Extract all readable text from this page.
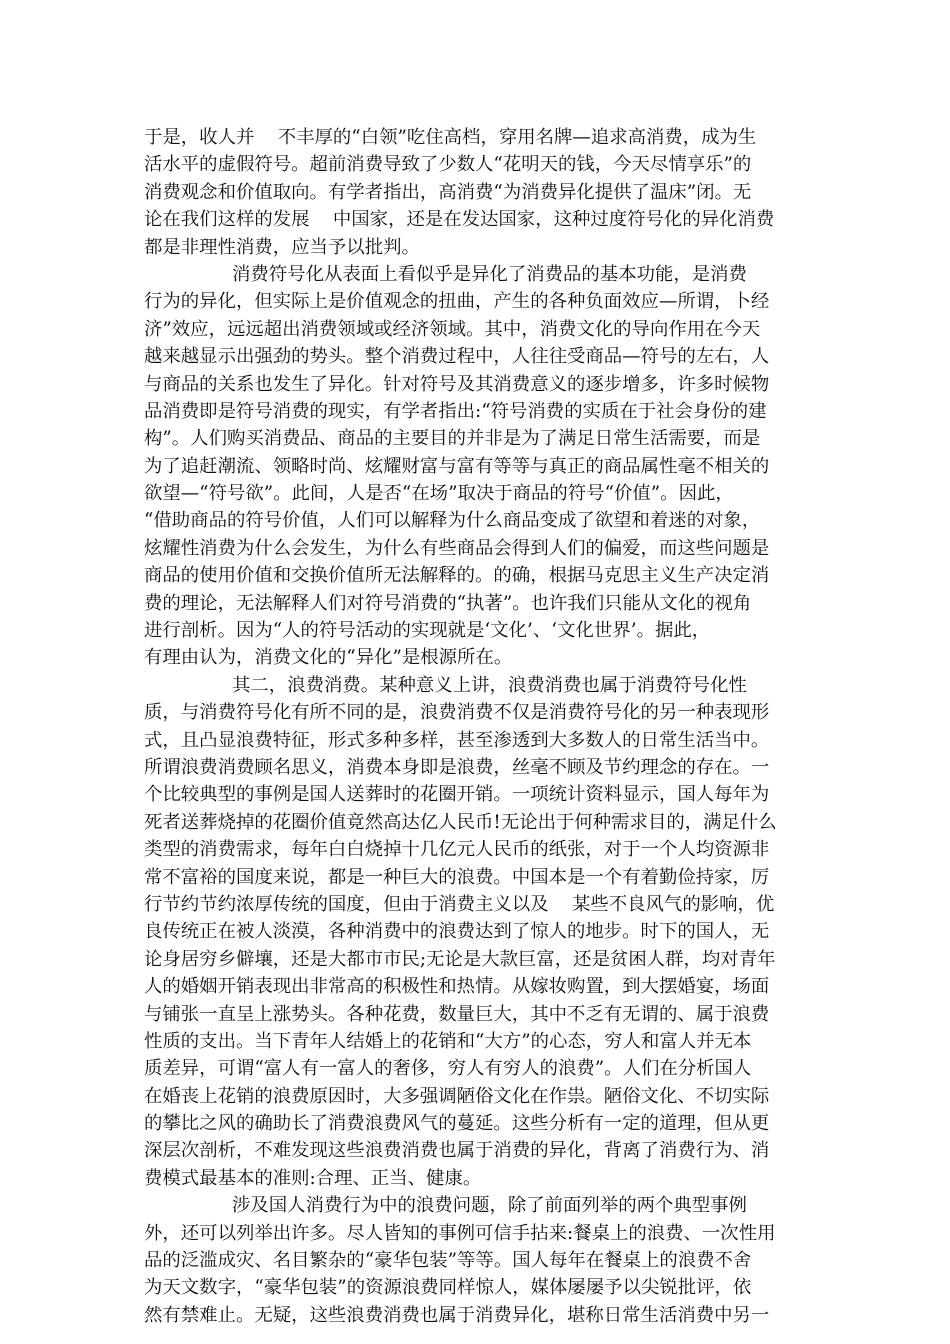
于是，收人并    不丰厚的“白领”吃住高档，穿用名牌—追求高消费，成为生
活水平的虚假符号。超前消费导致了少数人“花明天的钱，今天尽情享乐”的
消费观念和价值取向。有学者指出，高消费“为消费异化提供了温床”闭。无
论在我们这样的发展    中国家，还是在发达国家，这种过度符号化的异化消费
都是非理性消费，应当予以批判。
消费符号化从表面上看似乎是异化了消费品的基本功能，是消费
行为的异化，但实际上是价值观念的扭曲，产生的各种负面效应—所谓，卜经
济”效应，远远超出消费领域或经济领域。其中，消费文化的导向作用在今天
越来越显示出强劲的势头。整个消费过程中，人往往受商品—符号的左右，人
与商品的关系也发生了异化。针对符号及其消费意义的逐步增多，许多时候物
品消费即是符号消费的现实，有学者指出:“符号消费的实质在于社会身份的建
构”。人们购买消费品、商品的主要目的并非是为了满足日常生活需要，而是
为了追赶潮流、领略时尚、炫耀财富与富有等等与真正的商品属性毫不相关的
欲望—“符号欲”。此间，人是否“在场”取决于商品的符号“价值”。因此，
“借助商品的符号价值，人们可以解释为什么商品变成了欲望和着迷的对象，
炫耀性消费为什么会发生，为什么有些商品会得到人们的偏爱，而这些问题是
商品的使用价值和交换价值所无法解释的。的确，根据马克思主义生产决定消
费的理论，无法解释人们对符号消费的“执著”。也许我们只能从文化的视角
进行剖析。因为“人的符号活动的实现就是‘文化’、‘文化世界’。据此，
有理由认为，消费文化的“异化”是根源所在。
其二，浪费消费。某种意义上讲，浪费消费也属于消费符号化性
质，与消费符号化有所不同的是，浪费消费不仅是消费符号化的另一种表现形
式，且凸显浪费特征，形式多种多样，甚至渗透到大多数人的日常生活当中。
所谓浪费消费顾名思义，消费本身即是浪费，丝毫不顾及节约理念的存在。一
个比较典型的事例是国人送葬时的花圈开销。一项统计资料显示，国人每年为
死者送葬烧掉的花圈价值竟然高达亿人民币!无论出于何种需求目的，满足什么
类型的消费需求，每年白白烧掉十几亿元人民币的纸张，对于一个人均资源非
常不富裕的国度来说，都是一种巨大的浪费。中国本是一个有着勤俭持家，厉
行节约节约浓厚传统的国度，但由于消费主义以及    某些不良风气的影响，优
良传统正在被人淡漠，各种消费中的浪费达到了惊人的地步。时下的国人，无
论身居穷乡僻壤，还是大都市市民;无论是大款巨富，还是贫困人群，均对青年
人的婚姻开销表现出非常高的积极性和热情。从嫁妆购置，到大摆婚宴，场面
与铺张一直呈上涨势头。各种花费，数量巨大，其中不乏有无谓的、属于浪费
性质的支出。当下青年人结婚上的花销和“大方”的心态，穷人和富人并无本
质差异，可谓“富人有一富人的奢侈，穷人有穷人的浪费”。人们在分析国人
在婚丧上花销的浪费原因时，大多强调陋俗文化在作祟。陋俗文化、不切实际
的攀比之风的确助长了消费浪费风气的蔓延。这些分析有一定的道理，但从更
深层次剖析，不难发现这些浪费消费也属于消费的异化，背离了消费行为、消
费模式最基本的准则:合理、正当、健康。
涉及国人消费行为中的浪费问题，除了前面列举的两个典型事例
外，还可以列举出许多。尽人皆知的事例可信手拈来:餐桌上的浪费、一次性用
品的泛滥成灾、名目繁杂的“豪华包装”等等。国人每年在餐桌上的浪费不舍
为天文数字，“豪华包装”的资源浪费同样惊人，媒体屡屡予以尖锐批评，依
然有禁难止。无疑，这些浪费消费也属于消费异化，堪称日常生活消费中另一
